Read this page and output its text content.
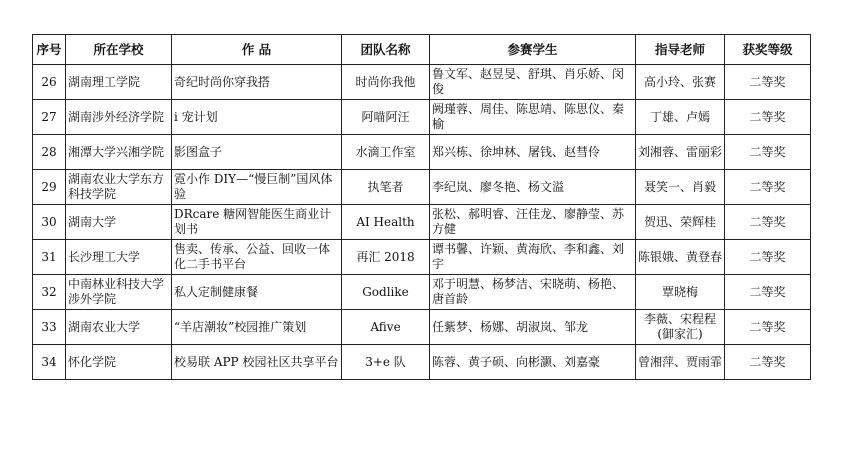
序号	所在学校	作 品	团队名称	参赛学生	指导老师	获奖等级
26	湖南理工学院	奇纪时尚你穿我搭	时尚你我他	鲁文军、赵昱旻、舒琪、肖乐娇、闵俊	高小玲、张赛	二等奖
27	湖南涉外经济学院	i 宠计划	阿喵阿汪	阙瑾蓉、周佳、陈思靖、陈思仪、秦榆	丁雄、卢嫣	二等奖
28	湘潭大学兴湘学院	影图盒子	水滴工作室	郑兴栋、徐坤林、屠钱、赵彗伶	刘湘蓉、雷丽彩	二等奖
29	湖南农业大学东方科技学院	霓小作 DIY—“慢巨制”国风体验	执笔者	李纪岚、廖冬艳、杨文溢	聂笑一、肖毅	二等奖
30	湖南大学	DRcare 糖网智能医生商业计划书	AI Health	张松、郝明睿、汪佳龙、廖静莹、苏方健	贺迅、荣辉桂	二等奖
31	长沙理工大学	售卖、传承、公益、回收一体化二手书平台	再汇 2018	谭书馨、许颖、黄海欣、李和鑫、刘宇	陈银娥、黄登春	二等奖
32	中南林业科技大学涉外学院	私人定制健康餐	Godlike	邓于明慧、杨梦洁、宋晓萌、杨艳、唐首龄	覃晓梅	二等奖
33	湖南农业大学	“羊店潮妆”校园推广策划	Afive	任紫梦、杨娜、胡淑岚、邹龙	李薇、宋程程(御家汇)	二等奖
34	怀化学院	校易联 APP 校园社区共享平台	3+e 队	陈蓉、黄子硕、向彬灏、刘嘉豪	曾湘萍、贾雨霏	二等奖
